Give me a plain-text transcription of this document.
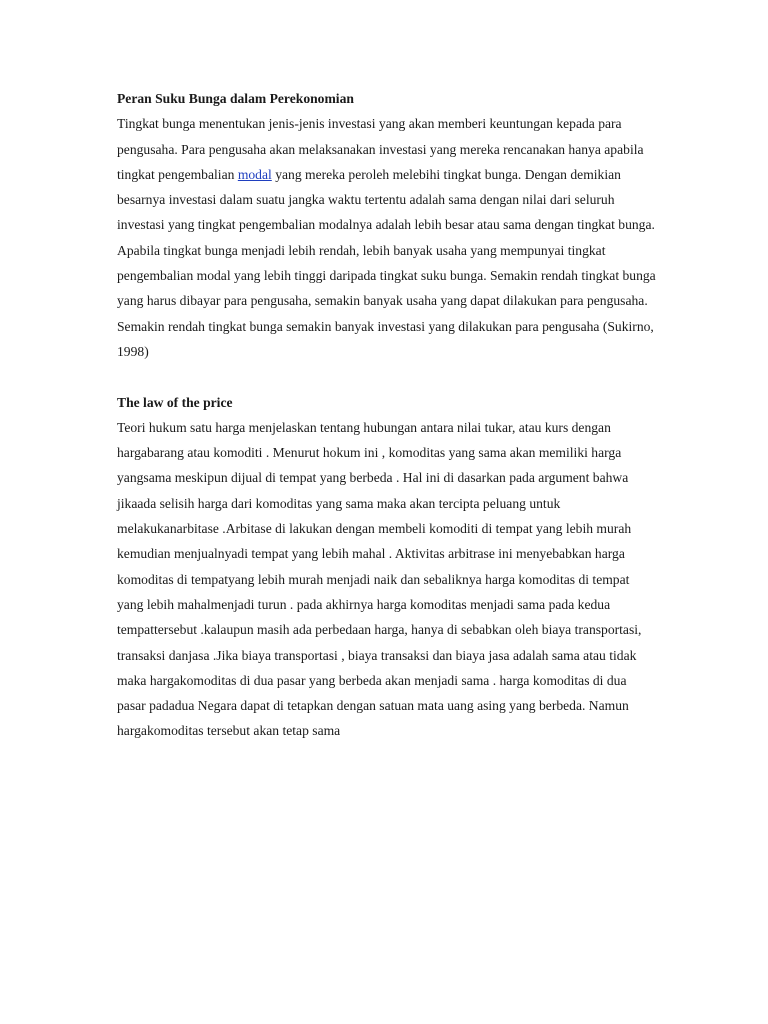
Peran Suku Bunga dalam Perekonomian

Tingkat bunga menentukan jenis-jenis investasi yang akan memberi keuntungan kepada para pengusaha. Para pengusaha akan melaksanakan investasi yang mereka rencanakan hanya apabila tingkat pengembalian modal yang mereka peroleh melebihi tingkat bunga. Dengan demikian besarnya investasi dalam suatu jangka waktu tertentu adalah sama dengan nilai dari seluruh investasi yang tingkat pengembalian modalnya adalah lebih besar atau sama dengan tingkat bunga.

Apabila tingkat bunga menjadi lebih rendah, lebih banyak usaha yang mempunyai tingkat pengembalian modal yang lebih tinggi daripada tingkat suku bunga. Semakin rendah tingkat bunga yang harus dibayar para pengusaha, semakin banyak usaha yang dapat dilakukan para pengusaha. Semakin rendah tingkat bunga semakin banyak investasi yang dilakukan para pengusaha (Sukirno, 1998)

The law of the price

Teori hukum satu harga menjelaskan tentang hubungan antara nilai tukar, atau kurs dengan hargabarang atau komoditi . Menurut hokum ini , komoditas yang sama akan memiliki harga yangsama meskipun dijual di tempat yang berbeda . Hal ini di dasarkan pada argument bahwa jikaada selisih harga dari komoditas yang sama maka akan tercipta peluang untuk melakukanarbitase .Arbitase di lakukan dengan membeli komoditi di tempat yang lebih murah kemudian menjualnyadi tempat yang lebih mahal . Aktivitas arbitrase ini menyebabkan harga komoditas di tempatyang lebih murah menjadi naik dan sebaliknya harga komoditas di tempat yang lebih mahalmenjadi turun . pada akhirnya harga komoditas menjadi sama pada kedua tempattersebut .kalaupun masih ada perbedaan harga, hanya di sebabkan oleh biaya transportasi, transaksi danjasa .Jika biaya transportasi , biaya transaksi dan biaya jasa adalah sama atau tidak maka hargakomoditas di dua pasar yang berbeda akan menjadi sama . harga komoditas di dua pasar padadua Negara dapat di tetapkan dengan satuan mata uang asing yang berbeda. Namun hargakomoditas tersebut akan tetap sama
